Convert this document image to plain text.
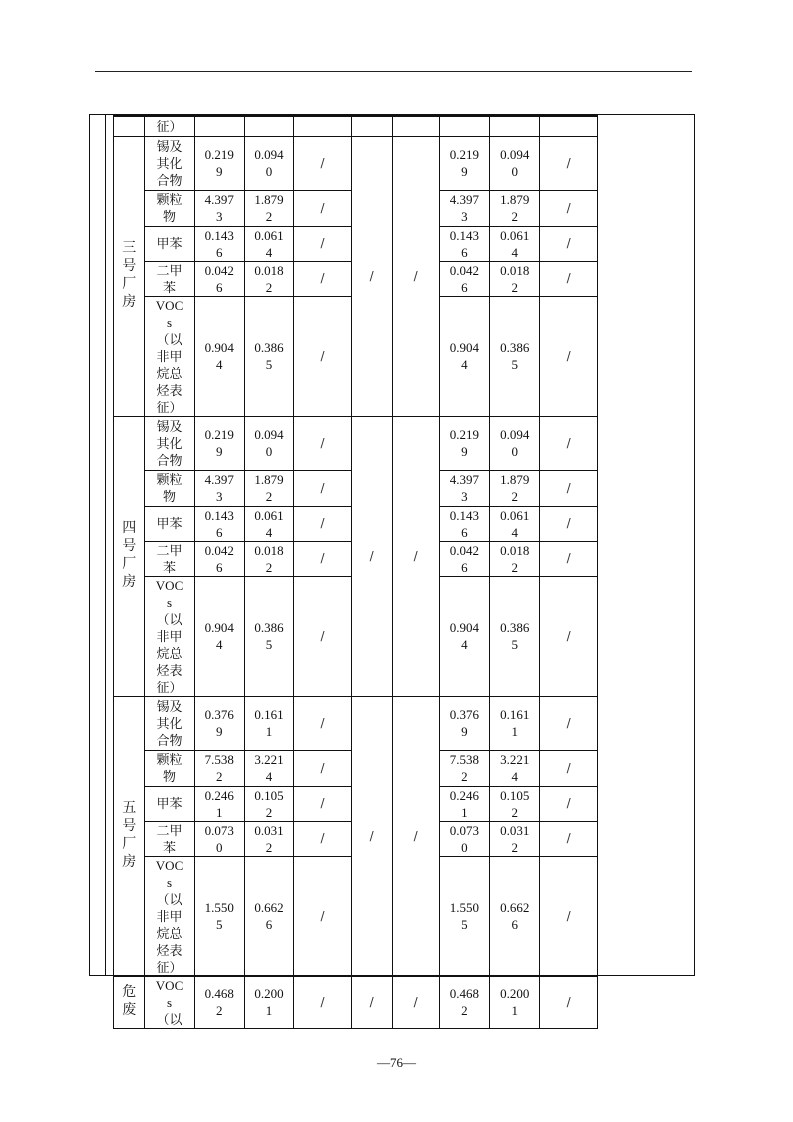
	征）								

三号厂房	锡及其化合物	0.2199	0.0940	/	/	/	0.2199	0.0940	/

	颗粒物	4.3973	1.8792	/			4.3973	1.8792	/

	甲苯	0.1436	0.0614	/			0.1436	0.0614	/

	二甲苯	0.0426	0.0182	/			0.0426	0.0182	/

	VOCs（以非甲烷总烃表征）	0.9044	0.3865	/			0.9044	0.3865	/

四号厂房	锡及其化合物	0.2199	0.0940	/	/	/	0.2199	0.0940	/

	颗粒物	4.3973	1.8792	/			4.3973	1.8792	/

	甲苯	0.1436	0.0614	/			0.1436	0.0614	/

	二甲苯	0.0426	0.0182	/			0.0426	0.0182	/

	VOCs（以非甲烷总烃表征）	0.9044	0.3865	/			0.9044	0.3865	/

五号厂房	锡及其化合物	0.3769	0.1611	/	/	/	0.3769	0.1611	/

	颗粒物	7.5382	3.2214	/			7.5382	3.2214	/

	甲苯	0.2461	0.1052	/			0.2461	0.1052	/

	二甲苯	0.0730	0.0312	/			0.0730	0.0312	/

	VOCs（以非甲烷总烃表征）	1.5505	0.6626	/			1.5505	0.6626	/

危废	VOCs（以	0.4682	0.2001	/	/	/	0.4682	0.2001	/
—76—
